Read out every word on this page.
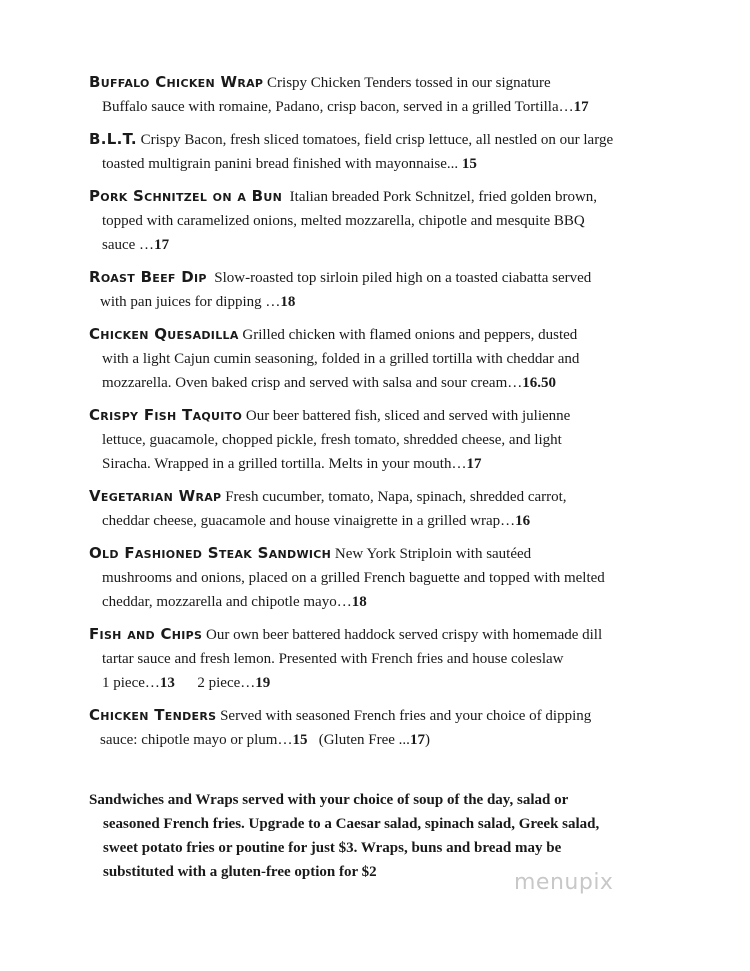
Buffalo Chicken Wrap Crispy Chicken Tenders tossed in our signature
Buffalo sauce with romaine, Padano, crisp bacon, served in a grilled Tortilla…17
B.L.T. Crispy Bacon, fresh sliced tomatoes, field crisp lettuce, all nestled on our large
toasted multigrain panini bread finished with mayonnaise... 15
Pork Schnitzel on a Bun Italian breaded Pork Schnitzel, fried golden brown,
topped with caramelized onions, melted mozzarella, chipotle and mesquite BBQ
sauce …17
Roast Beef Dip Slow-roasted top sirloin piled high on a toasted ciabatta served
with pan juices for dipping …18
Chicken Quesadilla Grilled chicken with flamed onions and peppers, dusted
with a light Cajun cumin seasoning, folded in a grilled tortilla with cheddar and
mozzarella. Oven baked crisp and served with salsa and sour cream…16.50
Crispy Fish Taquito Our beer battered fish, sliced and served with julienne
lettuce, guacamole, chopped pickle, fresh tomato, shredded cheese, and light
Siracha. Wrapped in a grilled tortilla. Melts in your mouth…17
Vegetarian Wrap Fresh cucumber, tomato, Napa, spinach, shredded carrot,
cheddar cheese, guacamole and house vinaigrette in a grilled wrap…16
Old Fashioned Steak Sandwich New York Striploin with sautéed
mushrooms and onions, placed on a grilled French baguette and topped with melted
cheddar, mozzarella and chipotle mayo…18
Fish and Chips Our own beer battered haddock served crispy with homemade dill
tartar sauce and fresh lemon. Presented with French fries and house coleslaw
1 piece…13 2 piece…19
Chicken Tenders Served with seasoned French fries and your choice of dipping
sauce: chipotle mayo or plum…15 (Gluten Free ...17)
Sandwiches and Wraps served with your choice of soup of the day, salad or
seasoned French fries. Upgrade to a Caesar salad, spinach salad, Greek salad,
sweet potato fries or poutine for just $3. Wraps, buns and bread may be
substituted with a gluten-free option for $2	menupix
